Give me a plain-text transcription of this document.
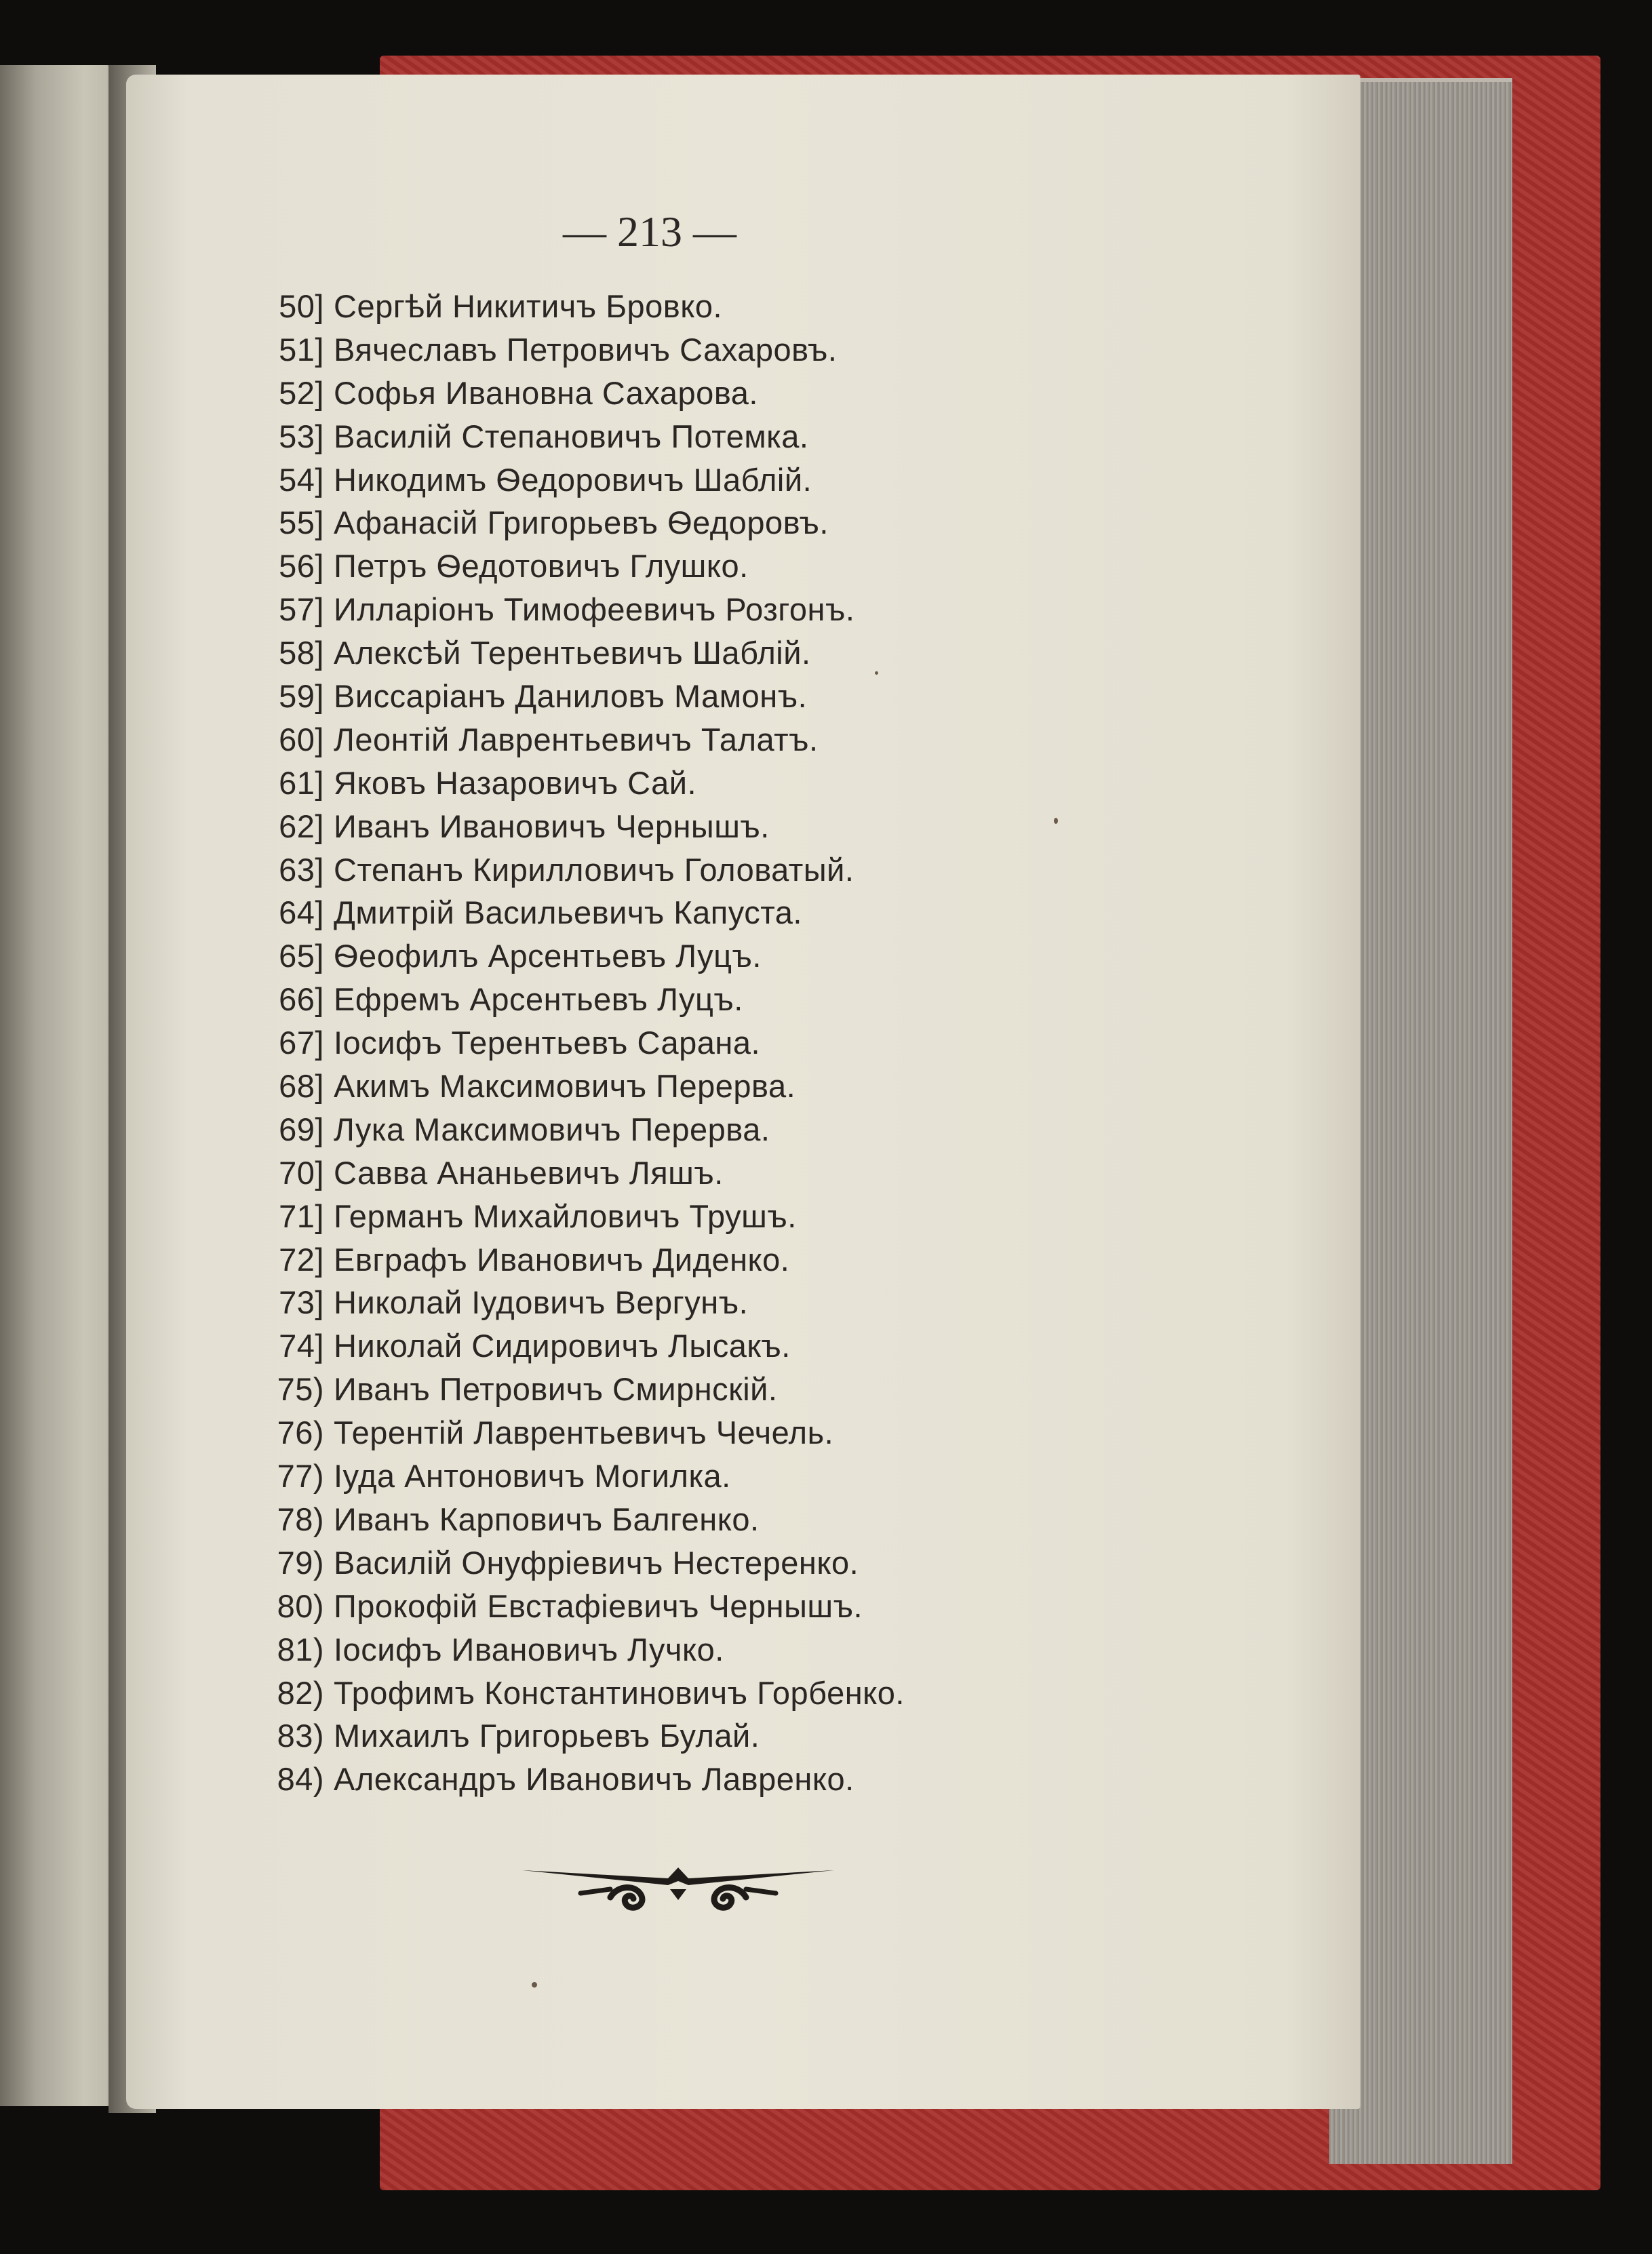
— 213 —
50] Сергѣй Никитичъ Бровко.
51] Вячеславъ Петровичъ Сахаровъ.
52] Софья Ивановна Сахарова.
53] Василій Степановичъ Потемка.
54] Никодимъ Ѳедоровичъ Шаблій.
55] Афанасій Григорьевъ Ѳедоровъ.
56] Петръ Ѳедотовичъ Глушко.
57] Илларіонъ Тимофеевичъ Розгонъ.
58] Алексѣй Терентьевичъ Шаблій.
59] Виссаріанъ Даниловъ Мамонъ.
60] Леонтій Лаврентьевичъ Талатъ.
61] Яковъ Назаровичъ Сай.
62] Иванъ Ивановичъ Чернышъ.
63] Степанъ Кирилловичъ Головатый.
64] Дмитрій Васильевичъ Капуста.
65] Ѳеофилъ Арсентьевъ Луцъ.
66] Ефремъ Арсентьевъ Луцъ.
67] Іосифъ Терентьевъ Сарана.
68] Акимъ Максимовичъ Перерва.
69] Лука Максимовичъ Перерва.
70] Савва Ананьевичъ Ляшъ.
71] Германъ Михайловичъ Трушъ.
72] Евграфъ Ивановичъ Диденко.
73] Николай Іудовичъ Вергунъ.
74] Николай Сидировичъ Лысакъ.
75) Иванъ Петровичъ Смирнскій.
76) Терентій Лаврентьевичъ Чечель.
77) Іуда Антоновичъ Могилка.
78) Иванъ Карповичъ Балгенко.
79) Василій Онуфріевичъ Нестеренко.
80) Прокофій Евстафіевичъ Чернышъ.
81) Іосифъ Ивановичъ Лучко.
82) Трофимъ Константиновичъ Горбенко.
83) Михаилъ Григорьевъ Булай.
84) Александръ Ивановичъ Лавренко.
